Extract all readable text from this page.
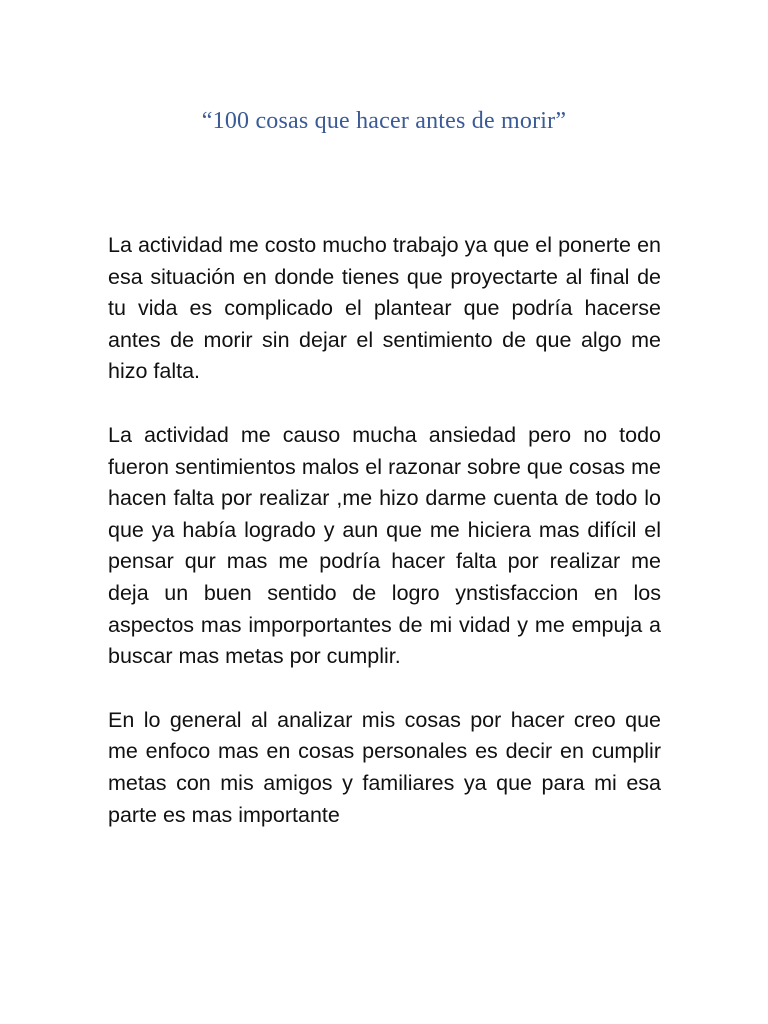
“100 cosas que hacer antes de morir”

La actividad me costo mucho trabajo ya que el ponerte en esa situación en donde tienes que proyectarte al final de tu vida es complicado el plantear que podría hacerse antes de morir sin dejar el sentimiento de que algo me hizo falta.

La actividad me causo mucha ansiedad pero no todo fueron sentimientos malos el razonar sobre que cosas me hacen falta por realizar ,me hizo darme cuenta de todo lo que ya había logrado y aun que me hiciera mas difícil el pensar qur mas me podría hacer falta por realizar me deja un buen sentido de logro ynstisfaccion en los aspectos mas imporportantes de mi vidad y me empuja a buscar mas metas por cumplir.

En lo general al analizar mis cosas por hacer creo que me enfoco mas en cosas personales es decir en cumplir metas con mis amigos y familiares ya que para mi esa parte es mas importante
